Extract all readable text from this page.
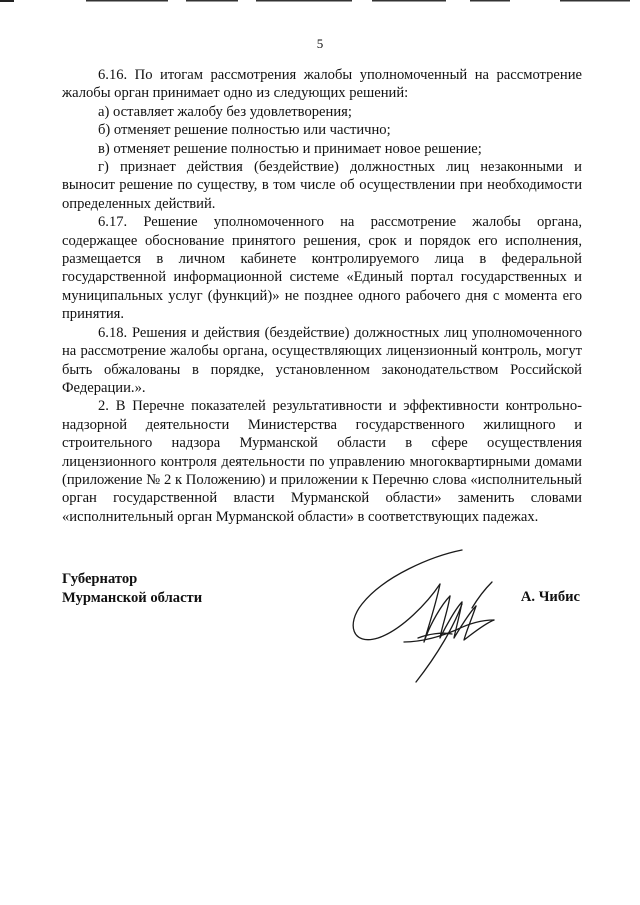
5

6.16. По итогам рассмотрения жалобы уполномоченный на рассмотрение жалобы орган принимает одно из следующих решений:

а) оставляет жалобу без удовлетворения;

б) отменяет решение полностью или частично;

в) отменяет решение полностью и принимает новое решение;

г) признает действия (бездействие) должностных лиц незаконными и выносит решение по существу, в том числе об осуществлении при необходимости определенных действий.

6.17. Решение уполномоченного на рассмотрение жалобы органа, содержащее обоснование принятого решения, срок и порядок его исполнения, размещается в личном кабинете контролируемого лица в федеральной государственной информационной системе «Единый портал государственных и муниципальных услуг (функций)» не позднее одного рабочего дня с момента его принятия.

6.18. Решения и действия (бездействие) должностных лиц уполномоченного на рассмотрение жалобы органа, осуществляющих лицензионный контроль, могут быть обжалованы в порядке, установленном законодательством Российской Федерации.».

2. В Перечне показателей результативности и эффективности контрольно-надзорной деятельности Министерства государственного жилищного и строительного надзора Мурманской области в сфере осуществления лицензионного контроля деятельности по управлению многоквартирными домами (приложение № 2 к Положению) и приложении к Перечню слова «исполнительный орган государственной власти Мурманской области» заменить словами «исполнительный орган Мурманской области» в соответствующих падежах.

Губернатор
Мурманской области	А. Чибис
